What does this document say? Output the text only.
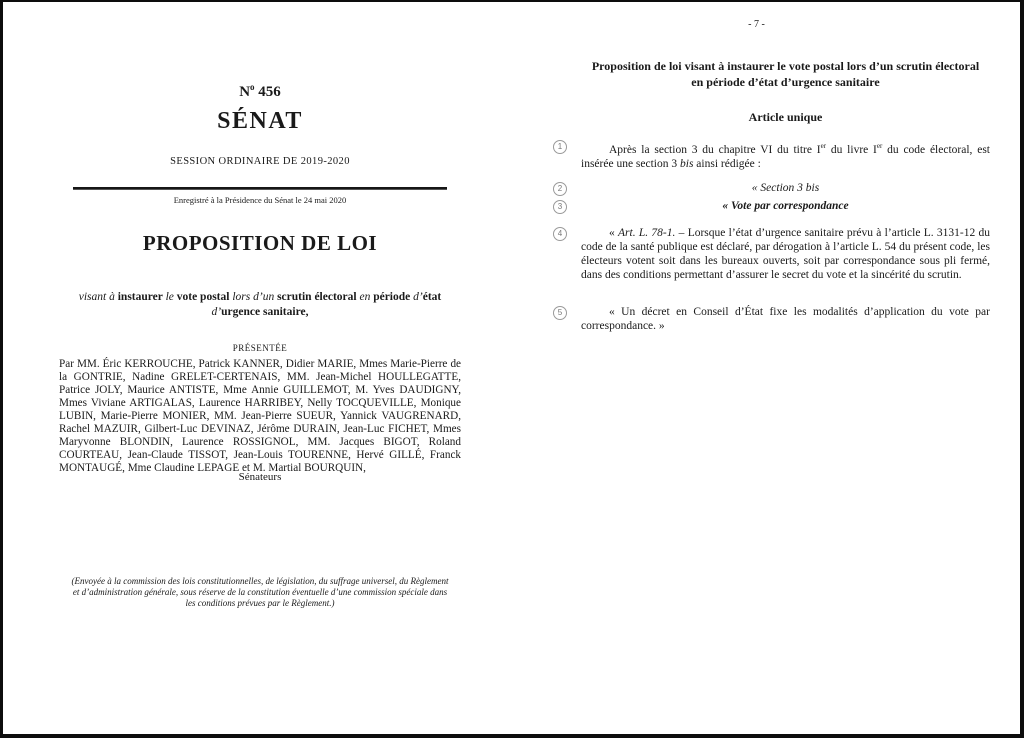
$N^o$ 456
SÉNAT
SESSION ORDINAIRE DE 2019-2020
Enregistré à la Présidence du Sénat le 24 mai 2020
PROPOSITION DE LOI
visant à instaurer le vote postal lors d’un scrutin électoral en période d’état
d’urgence sanitaire,
PRÉSENTÉE
Par MM. Éric KERROUCHE, Patrick KANNER, Didier MARIE, Mmes Marie-Pierre de la GONTRIE, Nadine GRELET-CERTENAIS, MM. Jean-Michel HOULLEGATTE, Patrice JOLY, Maurice ANTISTE, Mme Annie GUILLEMOT, M. Yves DAUDIGNY, Mmes Viviane ARTIGALAS, Laurence HARRIBEY, Nelly TOCQUEVILLE, Monique LUBIN, Marie-Pierre MONIER, MM. Jean-Pierre SUEUR, Yannick VAUGRENARD, Rachel MAZUIR, Gilbert-Luc DEVINAZ, Jérôme DURAIN, Jean-Luc FICHET, Mmes Maryvonne BLONDIN, Laurence ROSSIGNOL, MM. Jacques BIGOT, Roland COURTEAU, Jean-Claude TISSOT, Jean-Louis TOURENNE, Hervé GILLÉ, Franck MONTAUGÉ, Mme Claudine LEPAGE et M. Martial BOURQUIN,
Sénateurs
(Envoyée à la commission des lois constitutionnelles, de législation, du suffrage universel, du Règlement et d’administration générale, sous réserve de la constitution éventuelle d’une commission spéciale dans les conditions prévues par le Règlement.)
- 7 -
Proposition de loi visant à instaurer le vote postal lors d’un scrutin électoral
en période d’état d’urgence sanitaire
Article unique
1	Après la section 3 du chapitre VI du titre Ier du livre Ier du code électoral, est insérée une section 3 bis ainsi rédigée :
2	« Section 3 bis
3	« Vote par correspondance
4	« Art. L. 78-1. – Lorsque l’état d’urgence sanitaire prévu à l’article L. 3131-12 du code de la santé publique est déclaré, par dérogation à l’article L. 54 du présent code, les électeurs votent soit dans les bureaux ouverts, soit par correspondance sous pli fermé, dans des conditions permettant d’assurer le secret du vote et la sincérité du scrutin.
5	« Un décret en Conseil d’État fixe les modalités d’application du vote par correspondance. »
